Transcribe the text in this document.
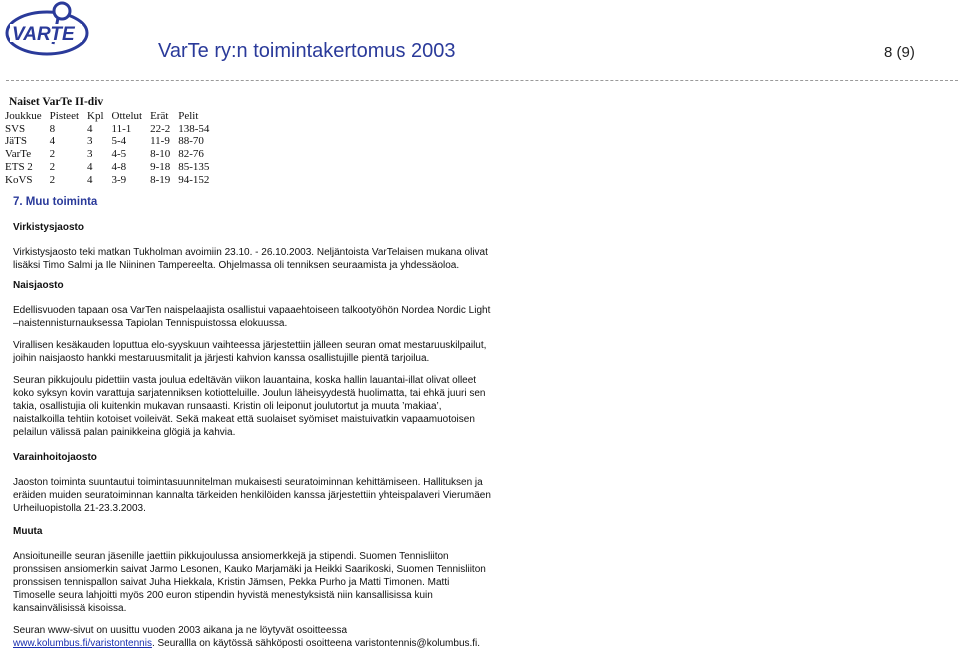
VARTE
VarTe ry:n toimintakertomus 2003	8 (9)
Naiset VarTe II-div
Joukkue	Pisteet	Kpl	Ottelut	Erät	Pelit
SVS	8	4	11-1	22-2	138-54
JäTS	4	3	5-4	11-9	88-70
VarTe	2	3	4-5	8-10	82-76
ETS 2	2	4	4-8	9-18	85-135
KoVS	2	4	3-9	8-19	94-152
7. Muu toiminta
Virkistysjaosto

Virkistysjaosto teki matkan Tukholman avoimiin 23.10. - 26.10.2003. Neljäntoista VarTelaisen mukana olivat lisäksi Timo Salmi ja Ile Niininen Tampereelta. Ohjelmassa oli tenniksen seuraamista ja yhdessäoloa.

Naisjaosto

Edellisvuoden tapaan osa VarTen naispelaajista osallistui vapaaehtoiseen talkootyöhön Nordea Nordic Light –naistennisturnauksessa Tapiolan Tennispuistossa elokuussa.

Virallisen kesäkauden loputtua elo-syyskuun vaihteessa järjestettiin jälleen seuran omat mestaruuskilpailut, joihin naisjaosto hankki mestaruusmitalit ja järjesti kahvion kanssa osallistujille pientä tarjoilua.

Seuran pikkujoulu pidettiin vasta joulua edeltävän viikon lauantaina, koska hallin lauantai-illat olivat olleet koko syksyn kovin varattuja sarjatenniksen kotiotteluille. Joulun läheisyydestä huolimatta, tai ehkä juuri sen takia, osallistujia oli kuitenkin mukavan runsaasti. Kristin oli leiponut joulutortut ja muuta ’makiaa’, naistalkoilla tehtiin kotoiset voileivät. Sekä makeat että suolaiset syömiset maistuivatkin vapaamuotoisen pelailun välissä palan painikkeina glögiä ja kahvia.

Varainhoitojaosto

Jaoston toiminta suuntautui toimintasuunnitelman mukaisesti seuratoiminnan kehittämiseen. Hallituksen ja eräiden muiden seuratoiminnan kannalta tärkeiden henkilöiden kanssa järjestettiin yhteispalaveri Vierumäen Urheiluopistolla 21-23.3.2003.

Muuta

Ansioituneille seuran jäsenille jaettiin pikkujoulussa ansiomerkkejä ja stipendi. Suomen Tennisliiton pronssisen ansiomerkin saivat Jarmo Lesonen, Kauko Marjamäki ja Heikki Saarikoski, Suomen Tennisliiton pronssisen tennispallon saivat Juha Hiekkala, Kristin Jämsen, Pekka Purho ja Matti Timonen. Matti Timoselle seura lahjoitti myös 200 euron stipendin hyvistä menestyksistä niin kansallisissa kuin kansainvälisissä kisoissa.

Seuran www-sivut on uusittu vuoden 2003 aikana ja ne löytyvät osoitteessa
www.kolumbus.fi/varistontennis. Seurallla on käytössä sähköposti osoitteena varistontennis@kolumbus.fi.
